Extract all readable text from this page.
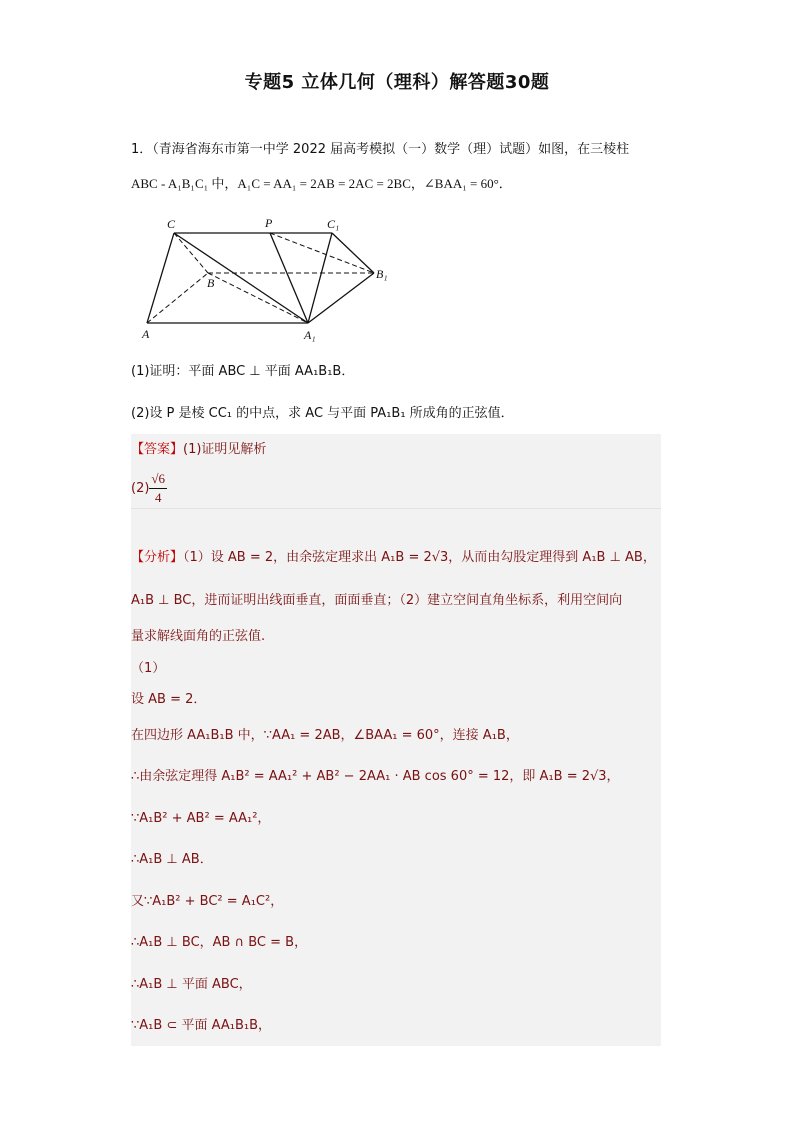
专题5 立体几何（理科）解答题30题
1．（青海省海东市第一中学 2022 届高考模拟（一）数学（理）试题）如图，在三棱柱
ABC - A₁B₁C₁ 中，A₁C = AA₁ = 2AB = 2AC = 2BC，∠BAA₁ = 60°．
C	P	C₁
B
B₁
A	A₁
(1)证明：平面 ABC ⊥ 平面 AA₁B₁B．
(2)设 P 是棱 CC₁ 的中点，求 AC 与平面 PA₁B₁ 所成角的正弦值．
【答案】(1)证明见解析
$(2) \frac{√6}{4}$
【分析】（1）设 AB = 2，由余弦定理求出 A₁B = 2√3，从而由勾股定理得到 A₁B ⊥ AB，
A₁B ⊥ BC，进而证明出线面垂直，面面垂直；（2）建立空间直角坐标系，利用空间向
量求解线面角的正弦值.
（1）
设 AB = 2．
在四边形 AA₁B₁B 中，∵AA₁ = 2AB，∠BAA₁ = 60°，连接 A₁B，
∴由余弦定理得 A₁B² = AA₁² + AB² − 2AA₁ · AB cos 60° = 12，即 A₁B = 2√3，
∵A₁B² + AB² = AA₁²，
∴A₁B ⊥ AB．
又∵A₁B² + BC² = A₁C²，
∴A₁B ⊥ BC，AB ∩ BC = B，
∴A₁B ⊥ 平面 ABC，
∵A₁B ⊂ 平面 AA₁B₁B，
